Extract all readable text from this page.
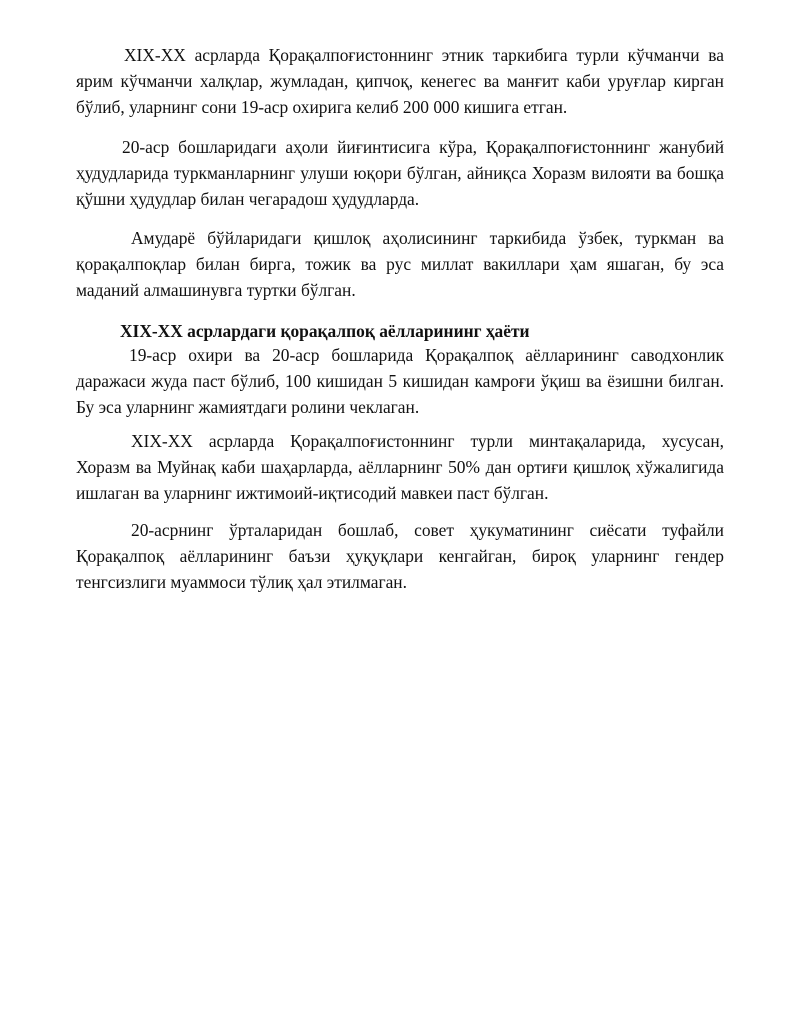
XIX-XX асрларда Қорақалпоғистоннинг этник таркибига турли кўчманчи ва ярим кўчманчи халқлар, жумладан, қипчоқ, кенегес ва манғит каби уруғлар кирган бўлиб, уларнинг сони 19-аср охирига келиб 200 000 кишига етган.

20-аср бошларидаги аҳоли йиғинтисига кўра, Қорақалпоғистоннинг жанубий ҳудудларида туркманларнинг улуши юқори бўлган, айниқса Хоразм вилояти ва бошқа қўшни ҳудудлар билан чегарадош ҳудудларда.

Амударё бўйларидаги қишлоқ аҳолисининг таркибида ўзбек, туркман ва қорақалпоқлар билан бирга, тожик ва рус миллат вакиллари ҳам яшаган, бу эса маданий алмашинувга туртки бўлган.

XIX-XX асрлардаги қорақалпоқ аёлларининг ҳаёти

19-аср охири ва 20-аср бошларида Қорақалпоқ аёлларининг саводхонлик даражаси жуда паст бўлиб, 100 кишидан 5 кишидан камроғи ўқиш ва ёзишни билган. Бу эса уларнинг жамиятдаги ролини чеклаган.

XIX-XX асрларда Қорақалпоғистоннинг турли минтақаларида, хусусан, Хоразм ва Муйнақ каби шаҳарларда, аёлларнинг 50% дан ортиғи қишлоқ хўжалигида ишлаган ва уларнинг ижтимоий-иқтисодий мавкеи паст бўлган.

20-асрнинг ўрталаридан бошлаб, совет ҳукуматининг сиёсати туфайли Қорақалпоқ аёлларининг баъзи ҳуқуқлари кенгайган, бироқ уларнинг гендер тенгсизлиги муаммоси тўлиқ ҳал этилмаган.
